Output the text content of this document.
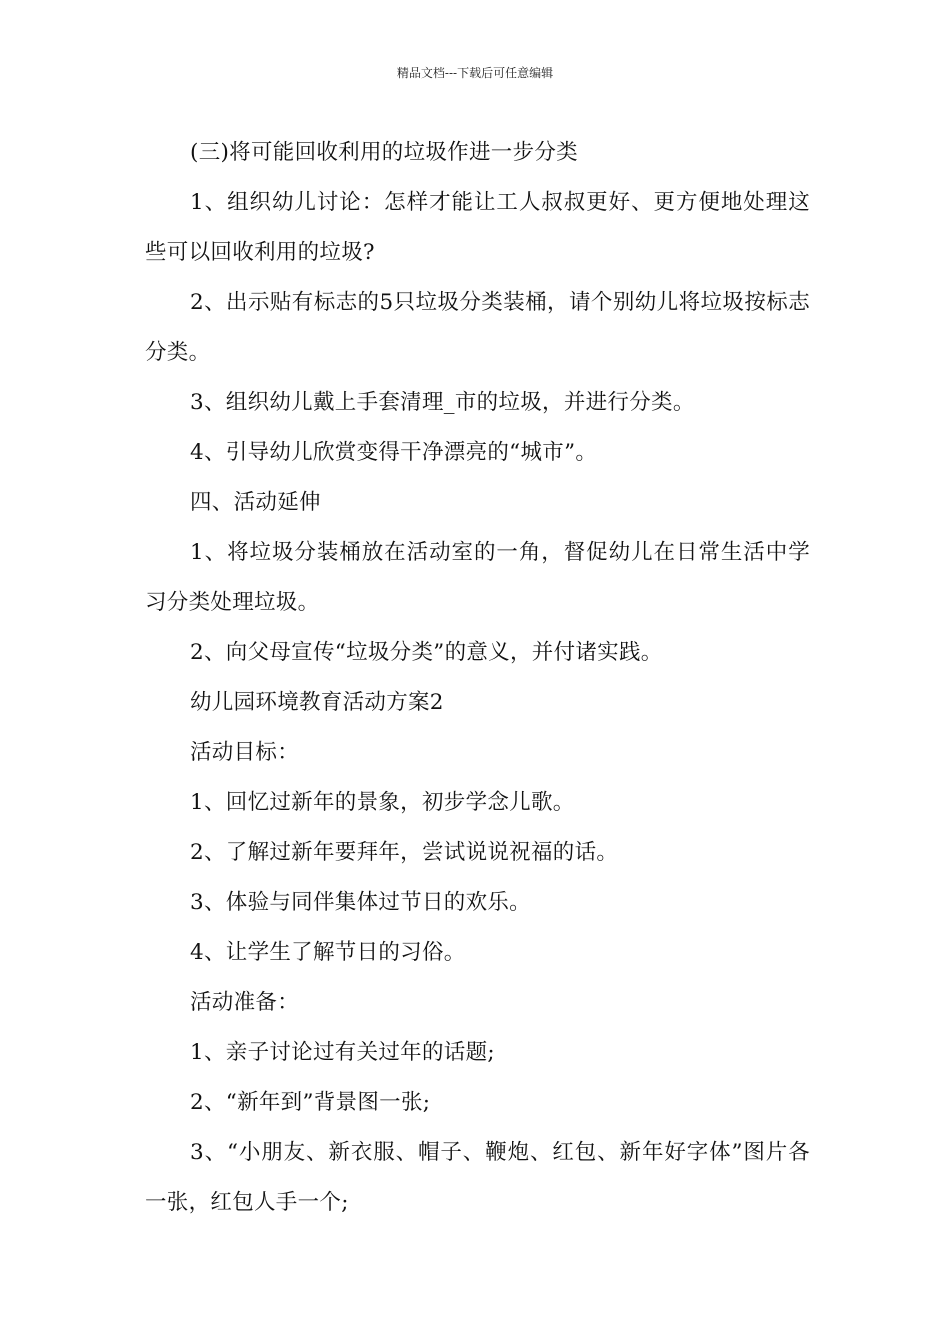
精品文档---下载后可任意编辑

(三)将可能回收利用的垃圾作进一步分类

1、组织幼儿讨论：怎样才能让工人叔叔更好、更方便地处理这些可以回收利用的垃圾?

2、出示贴有标志的5只垃圾分类装桶，请个别幼儿将垃圾按标志分类。

3、组织幼儿戴上手套清理_市的垃圾，并进行分类。

4、引导幼儿欣赏变得干净漂亮的“城市”。

四、活动延伸

1、将垃圾分装桶放在活动室的一角，督促幼儿在日常生活中学习分类处理垃圾。

2、向父母宣传“垃圾分类”的意义，并付诸实践。

幼儿园环境教育活动方案2

活动目标：

1、回忆过新年的景象，初步学念儿歌。

2、了解过新年要拜年，尝试说说祝福的话。

3、体验与同伴集体过节日的欢乐。

4、让学生了解节日的习俗。

活动准备：

1、亲子讨论过有关过年的话题;

2、“新年到”背景图一张;

3、“小朋友、新衣服、帽子、鞭炮、红包、新年好字体”图片各一张，红包人手一个;
